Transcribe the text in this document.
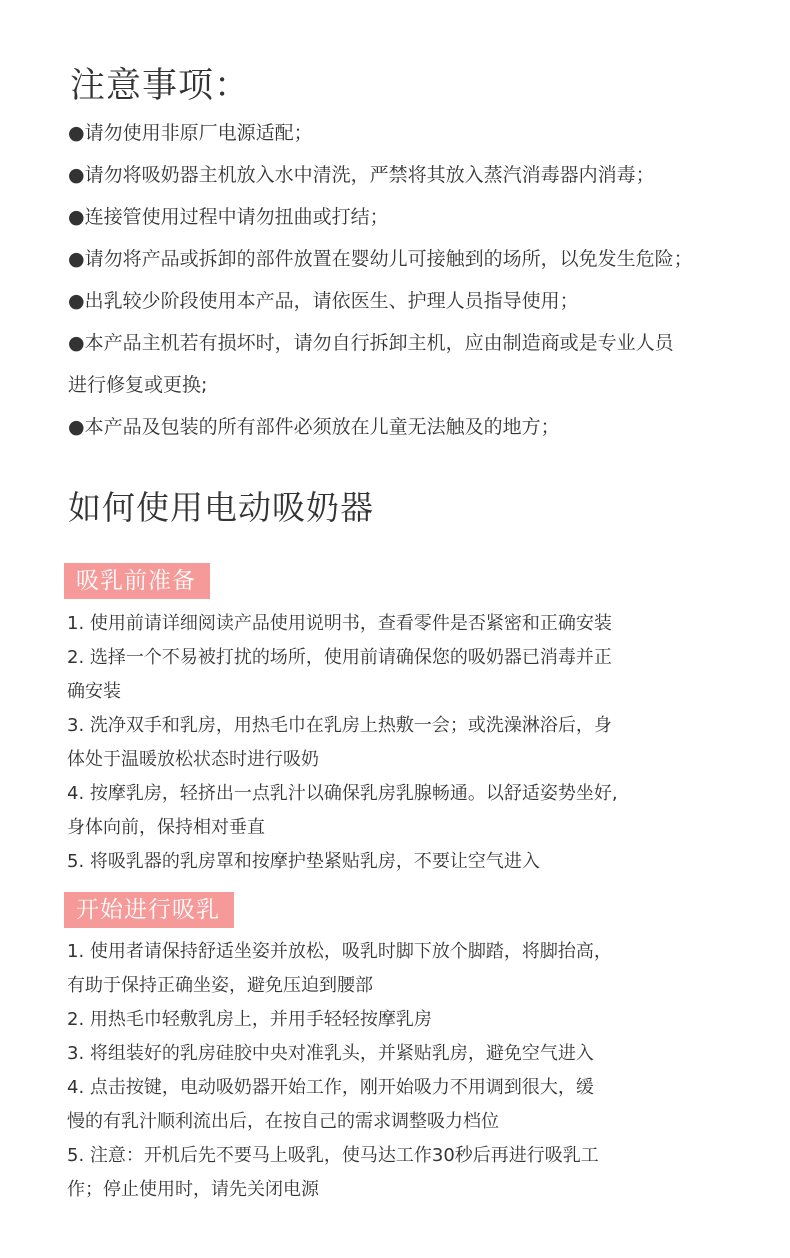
注意事项：
●请勿使用非原厂电源适配；
●请勿将吸奶器主机放入水中清洗，严禁将其放入蒸汽消毒器内消毒；
●连接管使用过程中请勿扭曲或打结；
●请勿将产品或拆卸的部件放置在婴幼儿可接触到的场所，以免发生危险；
●出乳较少阶段使用本产品，请依医生、护理人员指导使用；
●本产品主机若有损坏时，请勿自行拆卸主机，应由制造商或是专业人员
进行修复或更换;
●本产品及包装的所有部件必须放在儿童无法触及的地方；
如何使用电动吸奶器
吸乳前准备
1. 使用前请详细阅读产品使用说明书，查看零件是否紧密和正确安装
2. 选择一个不易被打扰的场所，使用前请确保您的吸奶器已消毒并正
确安装
3. 洗净双手和乳房，用热毛巾在乳房上热敷一会；或洗澡淋浴后，身
体处于温暖放松状态时进行吸奶
4. 按摩乳房，轻挤出一点乳汁以确保乳房乳腺畅通。以舒适姿势坐好,
身体向前，保持相对垂直
5. 将吸乳器的乳房罩和按摩护垫紧贴乳房，不要让空气进入
开始进行吸乳
1. 使用者请保持舒适坐姿并放松，吸乳时脚下放个脚踏，将脚抬高，
有助于保持正确坐姿，避免压迫到腰部
2. 用热毛巾轻敷乳房上，并用手轻轻按摩乳房
3. 将组装好的乳房硅胶中央对准乳头，并紧贴乳房，避免空气进入
4. 点击按键，电动吸奶器开始工作，刚开始吸力不用调到很大，缓
慢的有乳汁顺利流出后，在按自己的需求调整吸力档位
5. 注意：开机后先不要马上吸乳，使马达工作30秒后再进行吸乳工
作；停止使用时，请先关闭电源
